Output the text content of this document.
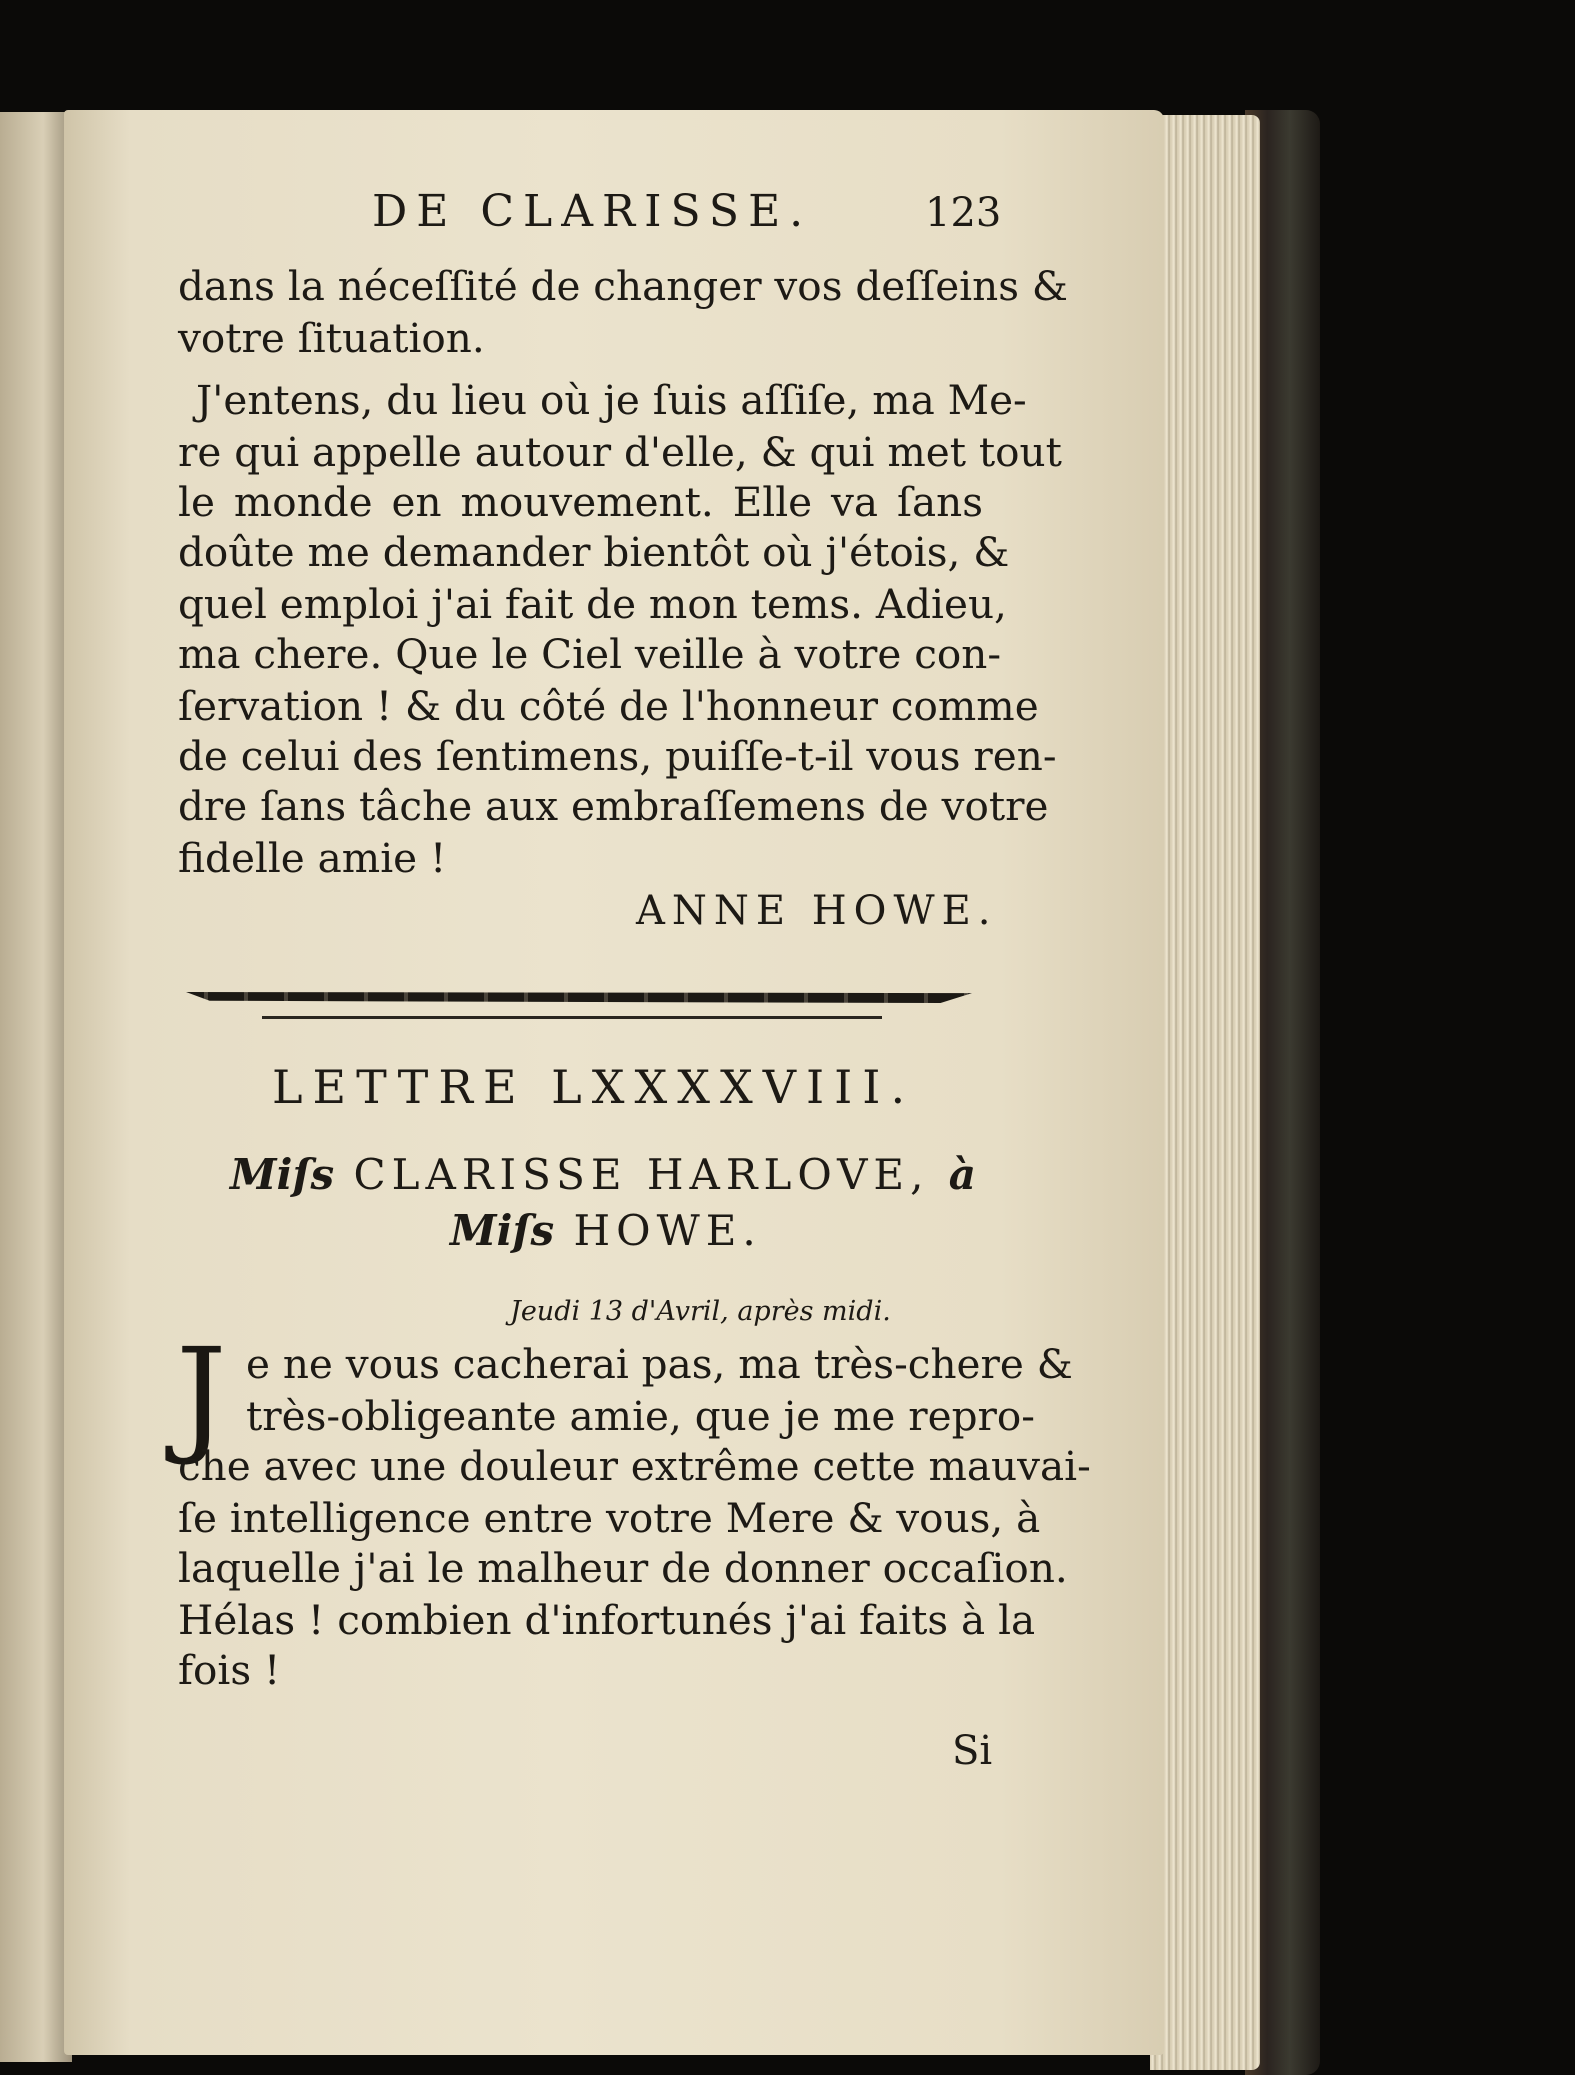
DE CLARISSE.	123
dans la néceſſité de changer vos deſſeins &
votre ſituation.
J'entens, du lieu où je ſuis aſſiſe, ma Me-
re qui appelle autour d'elle, & qui met tout
le monde en mouvement. Elle va ſans
doûte me demander bientôt où j'étois, &
quel emploi j'ai fait de mon tems. Adieu,
ma chere. Que le Ciel veille à votre con-
ſervation ! & du côté de l'honneur comme
de celui des ſentimens, puiſſe-t-il vous ren-
dre ſans tâche aux embraſſemens de votre
fidelle amie !
ANNE HOWE.
LETTRE LXXXXVIII.
Miſs CLARISSE HARLOVE, à
Miſs HOWE.
Jeudi 13 d'Avril, après midi.
J e ne vous cacherai pas, ma très-chere &
très-obligeante amie, que je me repro-
che avec une douleur extrême cette mauvai-
ſe intelligence entre votre Mere & vous, à
laquelle j'ai le malheur de donner occaſion.
Hélas ! combien d'infortunés j'ai faits à la
fois !
Si
